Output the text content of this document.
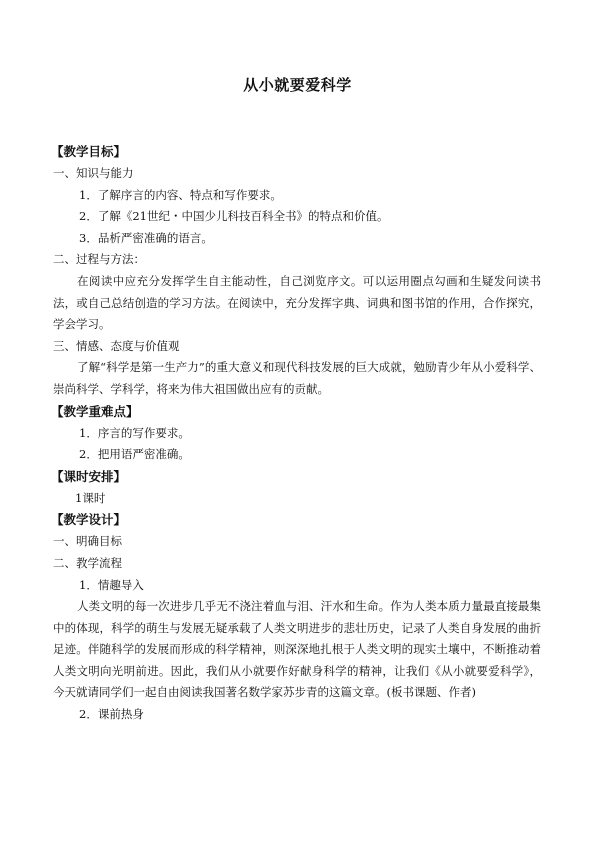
从小就要爱科学
【教学目标】
一、知识与能力
1．了解序言的内容、特点和写作要求。
2．了解《21世纪・中国少儿科技百科全书》的特点和价值。
3．品析严密准确的语言。
二、过程与方法：
在阅读中应充分发挥学生自主能动性，自己浏览序文。可以运用圈点勾画和生疑发问读书法，或自己总结创造的学习方法。在阅读中，充分发挥字典、词典和图书馆的作用，合作探究，学会学习。
三、情感、态度与价值观
了解“科学是第一生产力”的重大意义和现代科技发展的巨大成就，勉励青少年从小爱科学、崇尚科学、学科学，将来为伟大祖国做出应有的贡献。
【教学重难点】
1．序言的写作要求。
2．把用语严密准确。
【课时安排】
1课时
【教学设计】
一、明确目标
二、教学流程
1．情趣导入
人类文明的每一次进步几乎无不浇注着血与泪、汗水和生命。作为人类本质力量最直接最集中的体现，科学的萌生与发展无疑承载了人类文明进步的悲壮历史，记录了人类自身发展的曲折足迹。伴随科学的发展而形成的科学精神，则深深地扎根于人类文明的现实土壤中，不断推动着人类文明向光明前进。因此，我们从小就要作好献身科学的精神，让我们《从小就要爱科学》，今天就请同学们一起自由阅读我国著名数学家苏步青的这篇文章。(板书课题、作者)
2．课前热身
